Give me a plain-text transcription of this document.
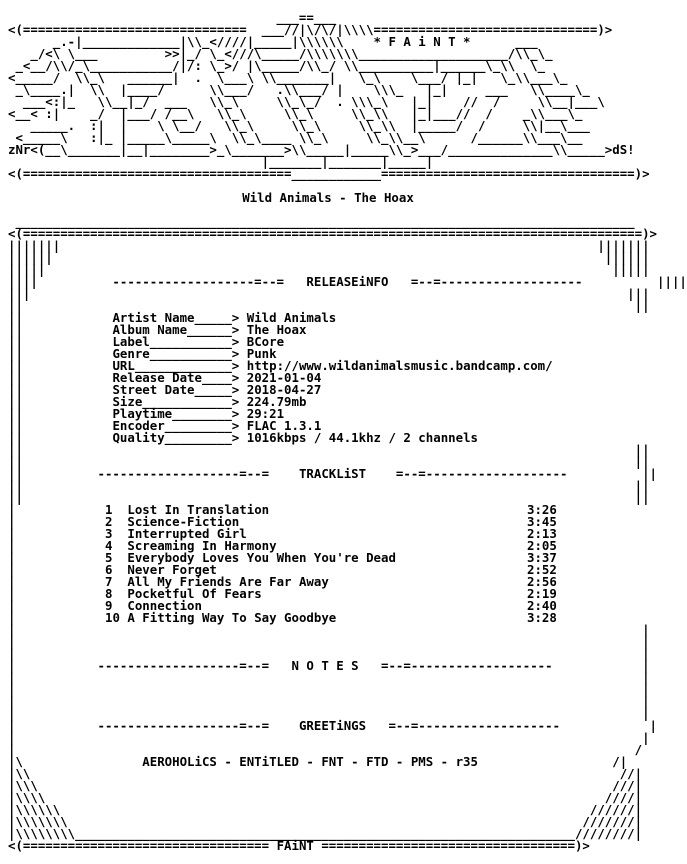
___==___
<(==============================  ___//|\/\/|\\\\==============================)>
_.-|_____________|\\_<////|_____|\\\\\\    * F A i N T *      ___
_/<\ \___         >>|_/ \_<///\_____/\\\\\\\____________________/\\_\_
_<__/\\/_\___________/|/: \_>/ |\_____/\\_/ \\__________|______\_\\  \_
<_____/  \\_\   ______|  .  \___\ \\_______|   \_\    \___/ |_|   \_\\___\_
_\____.|  \\  |____/      \\___/   .\\___/ |    \\\_   |_|     ___   \\____\_
___<:|_   \\__|_/  ___   \\_\     \\_\_/  . \\\_\   |_|    //  /     \\__|___\
<__< :|    _/  |___/ /__\   \\_\     \\_\     \\_\\   |_|___//  /    _\\___\_
_____.  :|  |    \ \__/   \\_\     \\_\     \\_\\  |_____/  /     \\|__\___
<_____\   :|_ |_____\_____\  \\_\____ \\_\     \\_\\__\      /______\\___\__
zNr<(__\_______|__|________>_\_______>\\_____|_____\\_>___/______________\\_____>dS!
|_______|_______|_____|
<(====================================____________==================================)>

Wild Animals - The Hoax

___________________________________________________________________________________
<(===================================================================================)>
|||||||                                                                        |||||||
||||||                                                                          ||||||
|||||                                                                            |||||
||||          -------------------=--=   RELEASEiNFO   =--=-------------------          ||||
|||                                                                                |||
||                                                                                  ||
||            Artist Name_____> Wild Animals
||            Album Name______> The Hoax
||            Label___________> BCore
||            Genre___________> Punk
||            URL_____________> http://www.wildanimalsmusic.bandcamp.com/
||            Release Date____> 2021-01-04
||            Street Date_____> 2018-04-27
||            Size____________> 224.79mb
||            Playtime________> 29:21
||            Encoder_________> FLAC 1.3.1
||            Quality_________> 1016kbps / 44.1khz / 2 channels
||                                                                                  ||
||                                                                                  ||
||          -------------------=--=    TRACKLiST    =--=-------------------          ||
||                                                                                  ||
||                                                                                  ||
|            1  Lost In Translation	3:26
|            2  Science-Fiction	3:45
|            3  Interrupted Girl	2:13
|            4  Screaming In Harmony	2:05
|            5  Everybody Loves You When You're Dead	3:37
|            6  Never Forget	2:52
|            7  All My Friends Are Far Away	2:56
|            8  Pocketful Of Fears	2:19
|            9  Connection	2:40
|            10 A Fitting Way To Say Goodbye	3:28
|                                                                                    |
|                                                                                    |
|                                                                                    |
|           -------------------=--=   N O T E S   =--=-------------------            |
|                                                                                    |
|                                                                                    |
|                                                                                    |
|                                                                                    |
|           -------------------=--=    GREETiNGS   =--=-------------------            |
|                                                                                    |
|                                                                                   /
|\                AEROHOLiCS - ENTiTLED - FNT - FTD - PMS - r35                  /|
|\\                                                                               //|
|\\\                                                                             ///|
|\\\\                                                                           ////|
|\\\\\\                                                                       //////|
|\\\\\\\                                                                     ///////|
|\\\\\\\\___________________________________________________________________////////|
<(================================= FAiNT ==================================)>
